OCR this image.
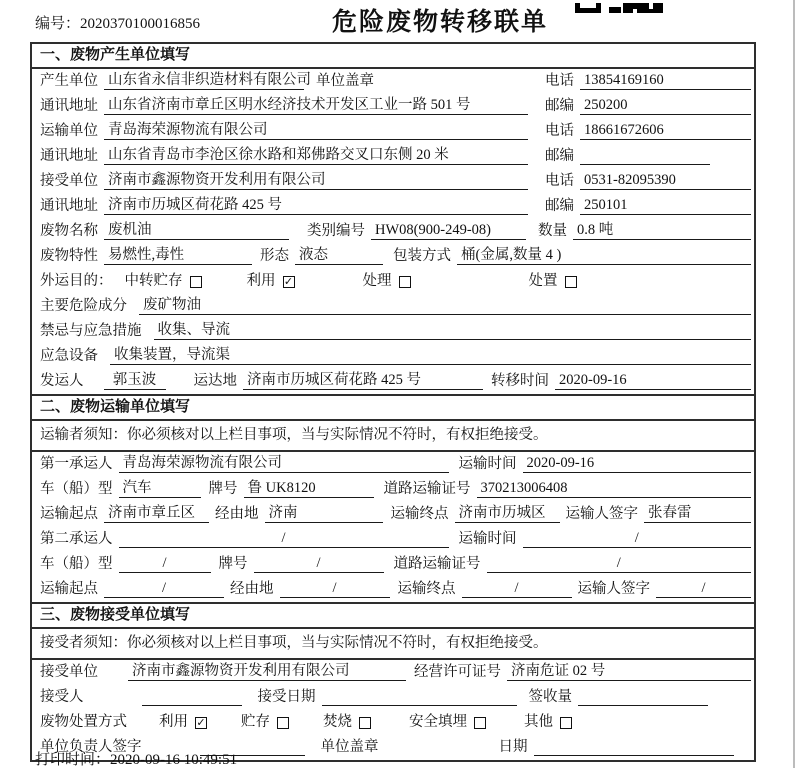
编号：2020370100016856	危险废物转移联单
一、废物产生单位填写
产生单位 山东省永信非织造材料有限公司 单位盖章	电话 13854169160
通讯地址 山东省济南市章丘区明水经济技术开发区工业一路 501 号	邮编 250200
运输单位 青岛海荣源物流有限公司	电话 18661672606
通讯地址 山东省青岛市李沧区徐水路和郑佛路交叉口东侧 20 米	邮编
接受单位 济南市鑫源物资开发利用有限公司	电话 0531-82095390
通讯地址 济南市历城区荷花路 425 号	邮编 250101
废物名称 废机油	类别编号 HW08(900-249-08)	数量 0.8 吨
废物特性 易燃性,毒性	形态 液态	包装方式 桶(金属,数量 4 )
外运目的： 中转贮存	利用 ✓	处理	处置
主要危险成分 废矿物油
禁忌与应急措施 收集、导流
应急设备 收集装置，导流渠
发运人	郭玉波	运达地 济南市历城区荷花路 425 号	转移时间 2020-09-16
二、废物运输单位填写
运输者须知：你必须核对以上栏目事项，当与实际情况不符时，有权拒绝接受。
第一承运人 青岛海荣源物流有限公司	运输时间 2020-09-16
车（船）型 汽车	牌号 鲁 UK8120	道路运输证号 370213006408
运输起点 济南市章丘区	经由地 济南	运输终点 济南市历城区	运输人签字 张春雷
第二承运人	/	运输时间	/
车（船）型	/	牌号	/	道路运输证号	/
运输起点	/	经由地	/	运输终点	/	运输人签字	/
三、废物接受单位填写
接受者须知：你必须核对以上栏目事项，当与实际情况不符时，有权拒绝接受。
接受单位 济南市鑫源物资开发利用有限公司	经营许可证号 济南危证 02 号
接受人	接受日期	签收量
废物处置方式 利用 ✓ 贮存	焚烧	安全填埋	其他
单位负责人签字	单位盖章	日期
打印时间：2020-09-16 10:49:51
